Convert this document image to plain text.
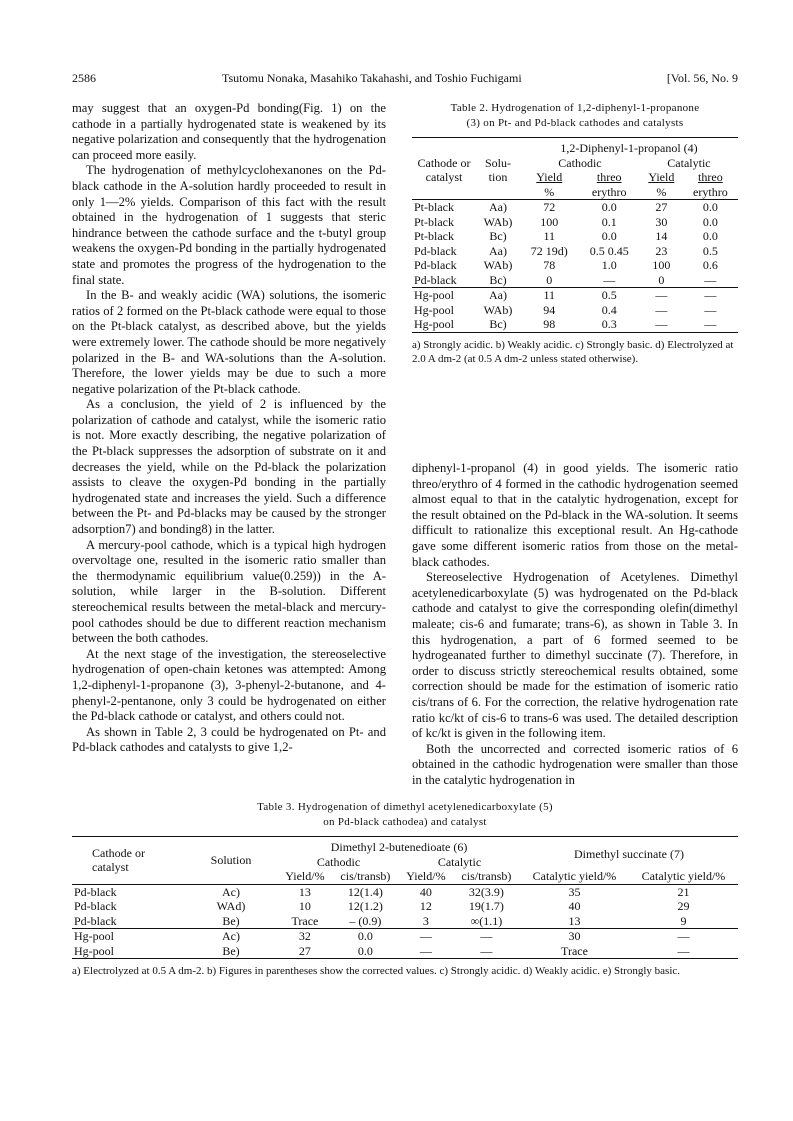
2586	Tsutomu Nonaka, Masahiko Takahashi, and Toshio Fuchigami	[Vol. 56, No. 9

may suggest that an oxygen-Pd bonding(Fig. 1) on the cathode in a partially hydrogenated state is weakened by its negative polarization and consequently that the hydrogenation can proceed more easily.

The hydrogenation of methylcyclohexanones on the Pd-black cathode in the A-solution hardly proceeded to result in only 1—2% yields. Comparison of this fact with the result obtained in the hydrogenation of 1 suggests that steric hindrance between the cathode surface and the t-butyl group weakens the oxygen-Pd bonding in the partially hydrogenated state and promotes the progress of the hydrogenation to the final state.

In the B- and weakly acidic (WA) solutions, the isomeric ratios of 2 formed on the Pt-black cathode were equal to those on the Pt-black catalyst, as described above, but the yields were extremely lower. The cathode should be more negatively polarized in the B- and WA-solutions than the A-solution. Therefore, the lower yields may be due to such a more negative polarization of the Pt-black cathode.

As a conclusion, the yield of 2 is influenced by the polarization of cathode and catalyst, while the isomeric ratio is not. More exactly describing, the negative polarization of the Pt-black suppresses the adsorption of substrate on it and decreases the yield, while on the Pd-black the polarization assists to cleave the oxygen-Pd bonding in the partially hydrogenated state and increases the yield. Such a difference between the Pt- and Pd-blacks may be caused by the stronger adsorption7) and bonding8) in the latter.

A mercury-pool cathode, which is a typical high hydrogen overvoltage one, resulted in the isomeric ratio smaller than the thermodynamic equilibrium value(0.259)) in the A-solution, while larger in the B-solution. Different stereochemical results between the metal-black and mercury-pool cathodes should be due to different reaction mechanism between the both cathodes.

At the next stage of the investigation, the stereoselective hydrogenation of open-chain ketones was attempted: Among 1,2-diphenyl-1-propanone (3), 3-phenyl-2-butanone, and 4-phenyl-2-pentanone, only 3 could be hydrogenated on either the Pd-black cathode or catalyst, and others could not.

As shown in Table 2, 3 could be hydrogenated on Pt- and Pd-black cathodes and catalysts to give 1,2-

Table 2. Hydrogenation of 1,2-diphenyl-1-propanone
(3) on Pt- and Pd-black cathodes and catalysts
		1,2-Diphenyl-1-propanol (4)			
Cathode or catalyst	Solu- tion	Cathodic		Catalytic	
		Yield	threo	Yield	threo
		%	erythro	%	erythro
Pt-black	Aa)	72	0.0	27	0.0
Pt-black	WAb)	100	0.1	30	0.0
Pt-black	Bc)	11	0.0	14	0.0
Pd-black	Aa)	72 19d)	0.5 0.45	23	0.5
Pd-black	WAb)	78	1.0	100	0.6
Pd-black	Bc)	0	—	0	—
Hg-pool	Aa)	11	0.5	—	—
Hg-pool	WAb)	94	0.4	—	—
Hg-pool	Bc)	98	0.3	—	—
a) Strongly acidic. b) Weakly acidic. c) Strongly basic. d) Electrolyzed at 2.0 A dm-2 (at 0.5 A dm-2 unless stated otherwise).

diphenyl-1-propanol (4) in good yields. The isomeric ratio threo/erythro of 4 formed in the cathodic hydrogenation seemed almost equal to that in the catalytic hydrogenation, except for the result obtained on the Pd-black in the WA-solution. It seems difficult to rationalize this exceptional result. An Hg-cathode gave some different isomeric ratios from those on the metal-black cathodes.

Stereoselective Hydrogenation of Acetylenes. Dimethyl acetylenedicarboxylate (5) was hydrogenated on the Pd-black cathode and catalyst to give the corresponding olefin(dimethyl maleate; cis-6 and fumarate; trans-6), as shown in Table 3. In this hydrogenation, a part of 6 formed seemed to be hydrogeanated further to dimethyl succinate (7). Therefore, in order to discuss strictly stereochemical results obtained, some correction should be made for the estimation of isomeric ratio cis/trans of 6. For the correction, the relative hydrogenation rate ratio kc/kt of cis-6 to trans-6 was used. The detailed description of kc/kt is given in the following item.

Both the uncorrected and corrected isomeric ratios of 6 obtained in the cathodic hydrogenation were smaller than those in the catalytic hydrogenation in

Table 3. Hydrogenation of dimethyl acetylenedicarboxylate (5)
on Pd-black cathodea) and catalyst
Cathode or catalyst	Solution	Dimethyl 2-butenedioate (6)				Dimethyl succinate (7)	
		Cathodic		Catalytic			
		Yield/%	cis/transb)	Yield/%	cis/transb)	Catalytic yield/%	Catalytic yield/%
Pd-black	Ac)	13	12(1.4)	40	32(3.9)	35	21
Pd-black	WAd)	10	12(1.2)	12	19(1.7)	40	29
Pd-black	Be)	Trace	– (0.9)	3	∞(1.1)	13	9
Hg-pool	Ac)	32	0.0	—	—	30	—
Hg-pool	Be)	27	0.0	—	—	Trace	—
a) Electrolyzed at 0.5 A dm-2. b) Figures in parentheses show the corrected values. c) Strongly acidic. d) Weakly acidic. e) Strongly basic.
